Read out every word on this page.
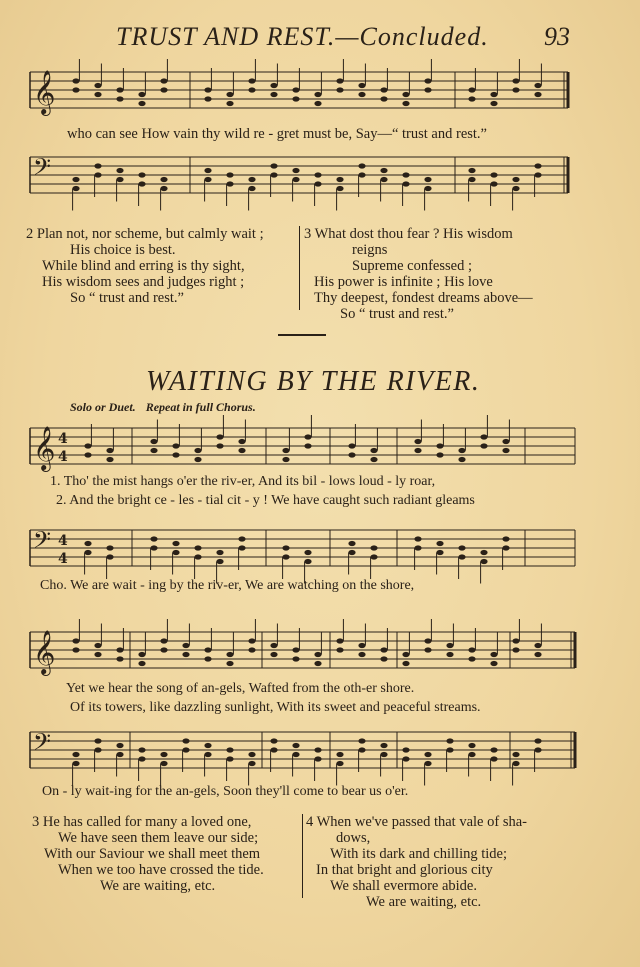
TRUST AND REST.—Concluded. 93
𝄞
𝄢
𝄞 4
4
𝄢 4
4
𝄞
𝄢
who can see How vain thy wild re - gret must be, Say—“ trust and rest.”
2 Plan not, nor scheme, but calmly wait ;
His choice is best.
While blind and erring is thy sight,
His wisdom sees and judges right ;
So “ trust and rest.”
3 What dost thou fear ? His wisdom
reigns
Supreme confessed ;
His power is infinite ; His love
Thy deepest, fondest dreams above—
So “ trust and rest.”
WAITING BY THE RIVER.
Solo or Duet. Repeat in full Chorus.
1. Tho' the mist hangs o'er the riv-er, And its bil - lows loud - ly roar,
2. And the bright ce - les - tial cit - y ! We have caught such radiant gleams
Cho. We are wait - ing by the riv-er, We are watching on the shore,
Yet we hear the song of an-gels, Wafted from the oth-er shore.
Of its towers, like dazzling sunlight, With its sweet and peaceful streams.
On - ly wait-ing for the an-gels, Soon they'll come to bear us o'er.
3 He has called for many a loved one,
We have seen them leave our side;
With our Saviour we shall meet them
When we too have crossed the tide.
We are waiting, etc.
4 When we've passed that vale of sha-
dows,
With its dark and chilling tide;
In that bright and glorious city
We shall evermore abide.
We are waiting, etc.
